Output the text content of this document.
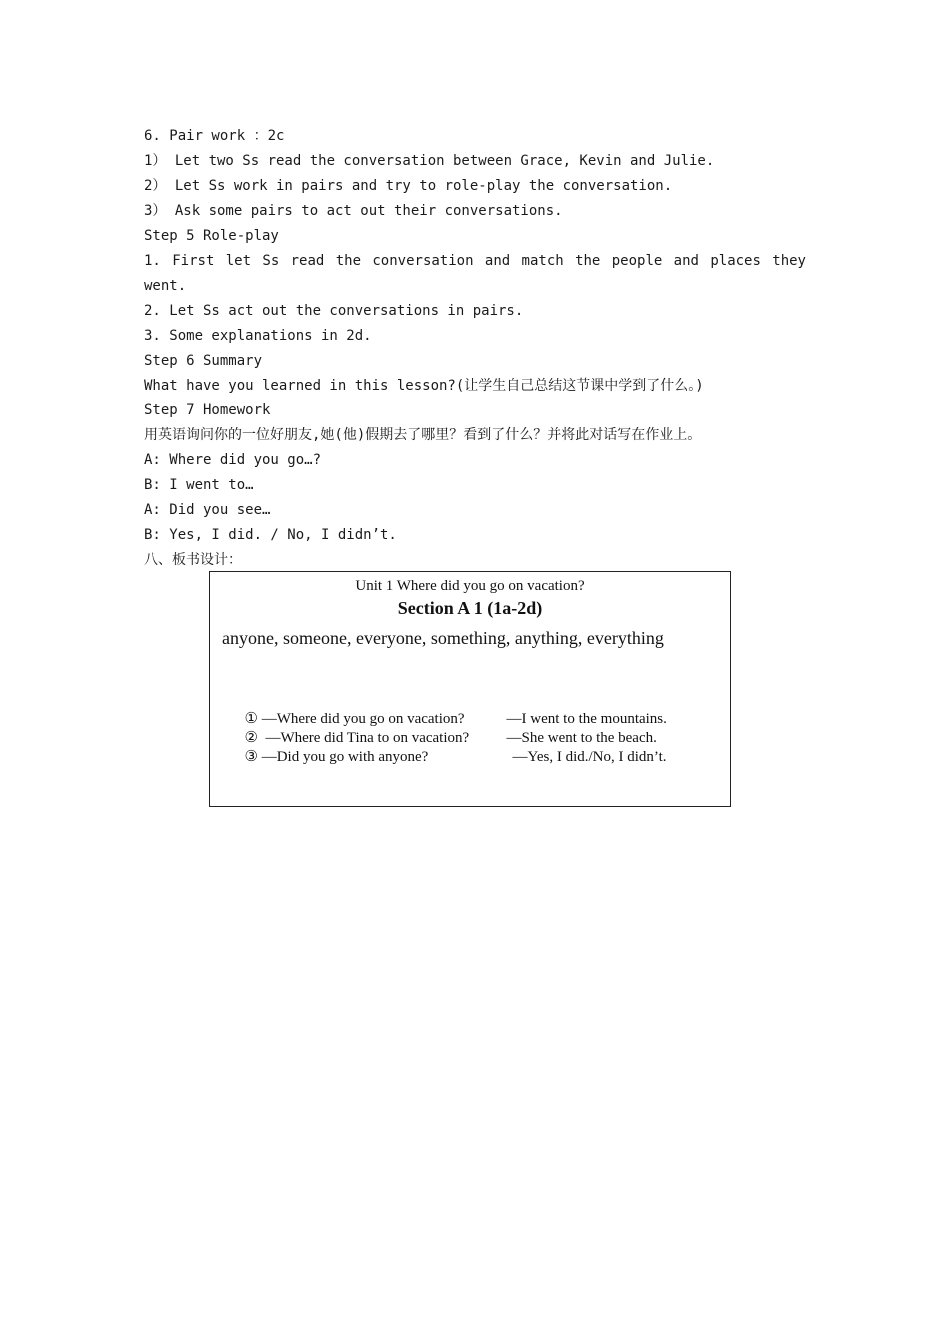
6. Pair work ：2c
1） Let two Ss read the conversation between Grace, Kevin and Julie.
2） Let Ss work in pairs and try to role-play the conversation.
3） Ask some pairs to act out their conversations.
Step 5 Role-play
1. First let Ss read the conversation and match the people and places they
went.
2. Let Ss act out the conversations in pairs.
3. Some explanations in 2d.
Step 6 Summary
What have you learned in this lesson?(让学生自己总结这节课中学到了什么。)
Step 7 Homework
用英语询问你的一位好朋友,她(他)假期去了哪里？看到了什么？并将此对话写在作业上。
A: Where did you go…?
B: I went to…
A: Did you see…
B: Yes, I did. / No, I didn’t.
八、板书设计：
Unit 1 Where did you go on vacation?
Section A 1 (1a-2d)
anyone, someone, everyone, something, anything, everything

① —Where did you go on vacation?	—I went to the mountains.

②  —Where did Tina to on vacation? —She went to the beach.

③ —Did you go with anyone?	—Yes, I did./No, I didn’t.
